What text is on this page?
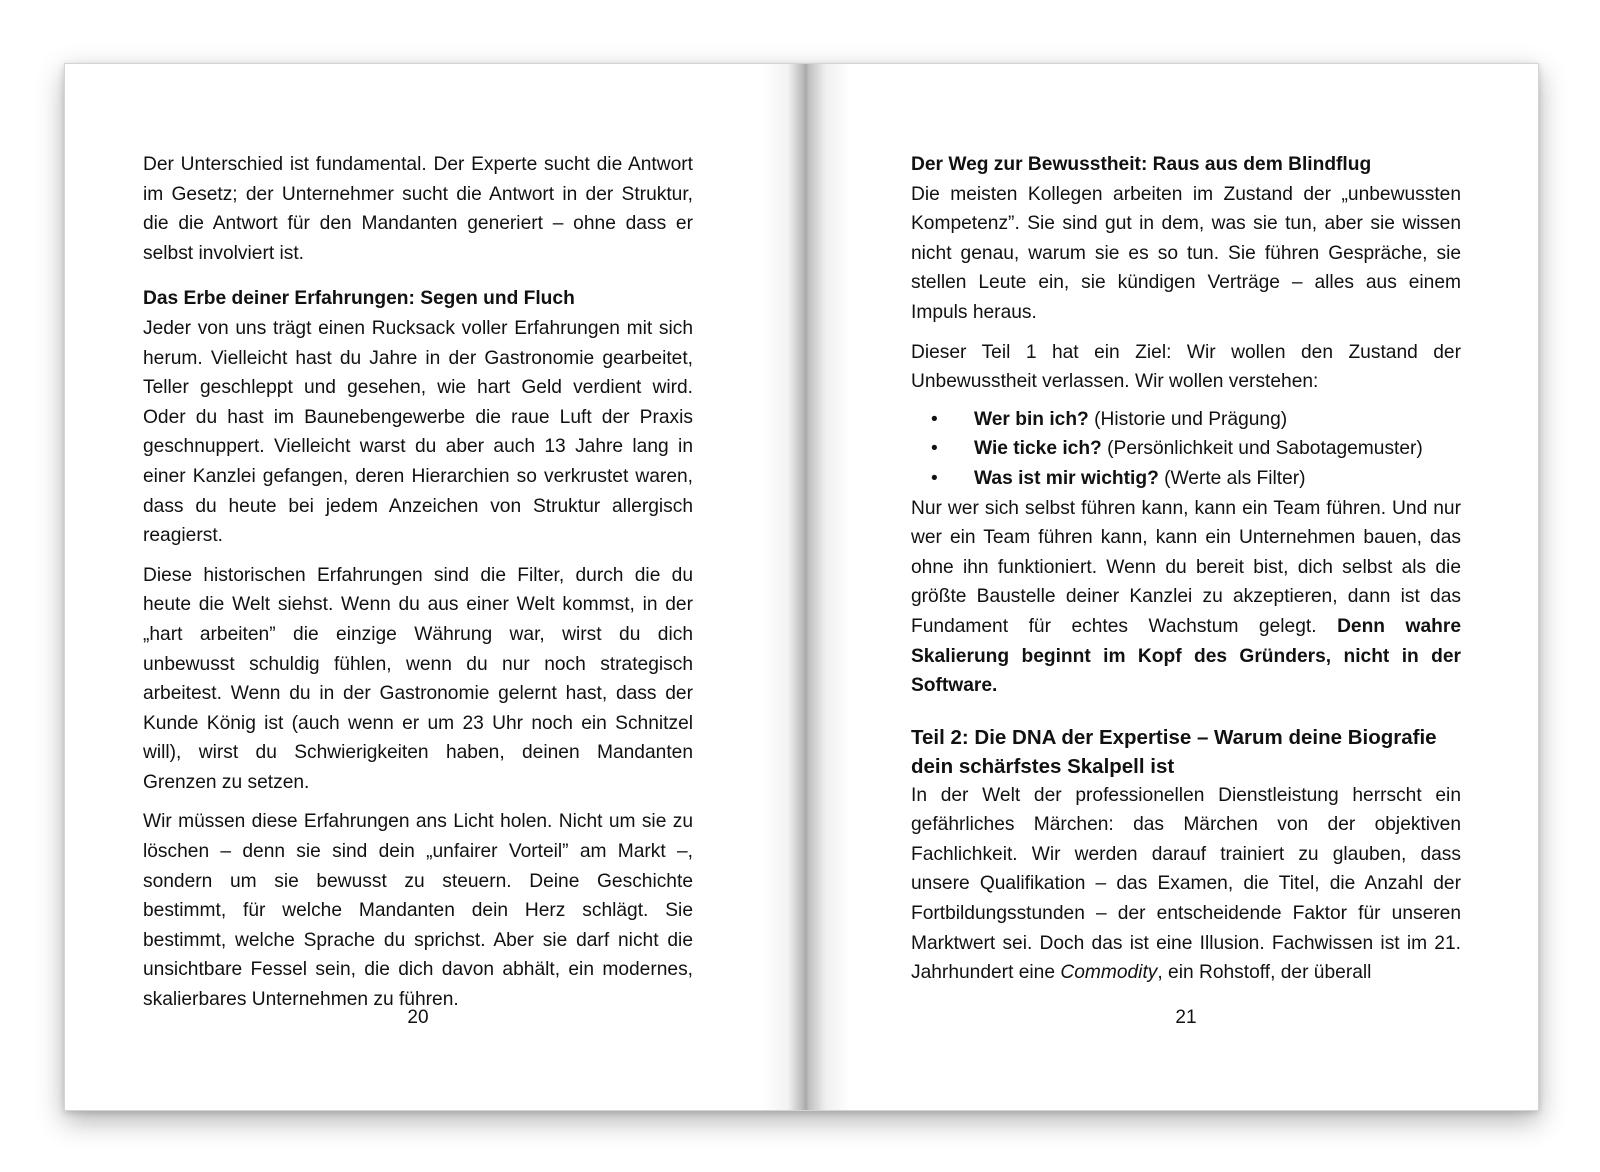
Der Unterschied ist fundamental. Der Experte sucht die Antwort im Gesetz; der Unternehmer sucht die Antwort in der Struktur, die die Antwort für den Mandanten generiert – ohne dass er selbst involviert ist.

Das Erbe deiner Erfahrungen: Segen und Fluch

Jeder von uns trägt einen Rucksack voller Erfahrungen mit sich herum. Vielleicht hast du Jahre in der Gastronomie gearbeitet, Teller geschleppt und gesehen, wie hart Geld verdient wird. Oder du hast im Baunebengewerbe die raue Luft der Praxis geschnuppert. Vielleicht warst du aber auch 13 Jahre lang in einer Kanzlei gefangen, deren Hierarchien so verkrustet waren, dass du heute bei jedem Anzeichen von Struktur allergisch reagierst.

Diese historischen Erfahrungen sind die Filter, durch die du heute die Welt siehst. Wenn du aus einer Welt kommst, in der „hart arbeiten” die einzige Währung war, wirst du dich unbewusst schuldig fühlen, wenn du nur noch strategisch arbeitest. Wenn du in der Gastronomie gelernt hast, dass der Kunde König ist (auch wenn er um 23 Uhr noch ein Schnitzel will), wirst du Schwierigkeiten haben, deinen Mandanten Grenzen zu setzen.

Wir müssen diese Erfahrungen ans Licht holen. Nicht um sie zu löschen – denn sie sind dein „unfairer Vorteil” am Markt –, sondern um sie bewusst zu steuern. Deine Geschichte bestimmt, für welche Mandanten dein Herz schlägt. Sie bestimmt, welche Sprache du sprichst. Aber sie darf nicht die unsichtbare Fessel sein, die dich davon abhält, ein modernes, skalierbares Unternehmen zu führen.

20
Der Weg zur Bewusstheit: Raus aus dem Blindflug

Die meisten Kollegen arbeiten im Zustand der „unbewussten Kompetenz”. Sie sind gut in dem, was sie tun, aber sie wissen nicht genau, warum sie es so tun. Sie führen Gespräche, sie stellen Leute ein, sie kündigen Verträge – alles aus einem Impuls heraus.

Dieser Teil 1 hat ein Ziel: Wir wollen den Zustand der Unbewusstheit verlassen. Wir wollen verstehen:

• Wer bin ich? (Historie und Prägung)
• Wie ticke ich? (Persönlichkeit und Sabotagemuster)
• Was ist mir wichtig? (Werte als Filter)

Nur wer sich selbst führen kann, kann ein Team führen. Und nur wer ein Team führen kann, kann ein Unternehmen bauen, das ohne ihn funktioniert. Wenn du bereit bist, dich selbst als die größte Baustelle deiner Kanzlei zu akzeptieren, dann ist das Fundament für echtes Wachstum gelegt. Denn wahre Skalierung beginnt im Kopf des Gründers, nicht in der Software.

Teil 2: Die DNA der Expertise – Warum deine Biografie dein schärfstes Skalpell ist

In der Welt der professionellen Dienstleistung herrscht ein gefährliches Märchen: das Märchen von der objektiven Fachlichkeit. Wir werden darauf trainiert zu glauben, dass unsere Qualifikation – das Examen, die Titel, die Anzahl der Fortbildungsstunden – der entscheidende Faktor für unseren Marktwert sei. Doch das ist eine Illusion. Fachwissen ist im 21. Jahrhundert eine Commodity, ein Rohstoff, der überall

21
